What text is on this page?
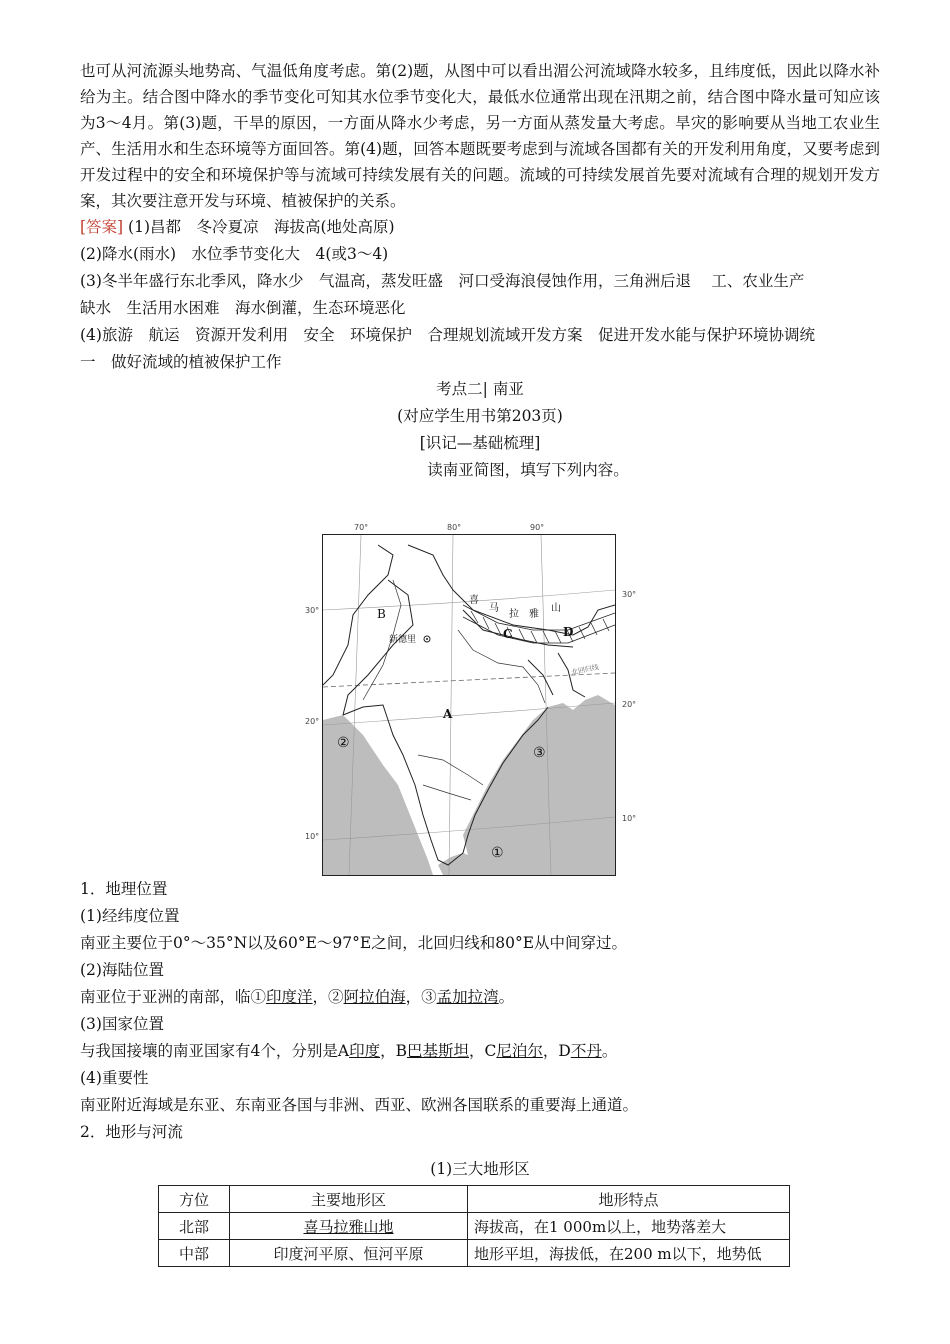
也可从河流源头地势高、气温低角度考虑。第(2)题，从图中可以看出湄公河流域降水较多，且纬度低，因此以降水补给为主。结合图中降水的季节变化可知其水位季节变化大，最低水位通常出现在汛期之前，结合图中降水量可知应该为3～4月。第(3)题，干旱的原因，一方面从降水少考虑，另一方面从蒸发量大考虑。旱灾的影响要从当地工农业生产、生活用水和生态环境等方面回答。第(4)题，回答本题既要考虑到与流域各国都有关的开发利用角度，又要考虑到开发过程中的安全和环境保护等与流域可持续发展有关的问题。流域的可持续发展首先要对流域有合理的规划开发方案，其次要注意开发与环境、植被保护的关系。

[答案] (1)昌都　冬冷夏凉　海拔高(地处高原)

(2)降水(雨水)　水位季节变化大　4(或3～4)

(3)冬半年盛行东北季风，降水少　气温高，蒸发旺盛　河口受海浪侵蚀作用，三角洲后退　 工、农业生产

缺水　生活用水困难　海水倒灌，生态环境恶化

(4)旅游　航运　资源开发利用　安全　环境保护　合理规划流域开发方案　促进开发水能与保护环境协调统

一　做好流域的植被保护工作

考点二| 南亚

(对应学生用书第203页)

[识记—基础梳理]

读南亚简图，填写下列内容。

70°	80°	90°
30°
20°
10°
30°
20°
10°
喜
马
拉 雅
山
新德里
北回归线
B
A
C	D
①
②
③

1．地理位置

(1)经纬度位置

南亚主要位于0°～35°N以及60°E～97°E之间，北回归线和80°E从中间穿过。

(2)海陆位置

南亚位于亚洲的南部，临①印度洋，②阿拉伯海，③孟加拉湾。

(3)国家位置

与我国接壤的南亚国家有4个，分别是A印度，B巴基斯坦，C尼泊尔，D不丹。

(4)重要性

南亚附近海域是东亚、东南亚各国与非洲、西亚、欧洲各国联系的重要海上通道。

2．地形与河流

(1)三大地形区
方位	主要地形区	地形特点
北部	喜马拉雅山地	海拔高，在1 000m以上，地势落差大
中部	印度河平原、恒河平原	地形平坦，海拔低，在200 m以下，地势低
